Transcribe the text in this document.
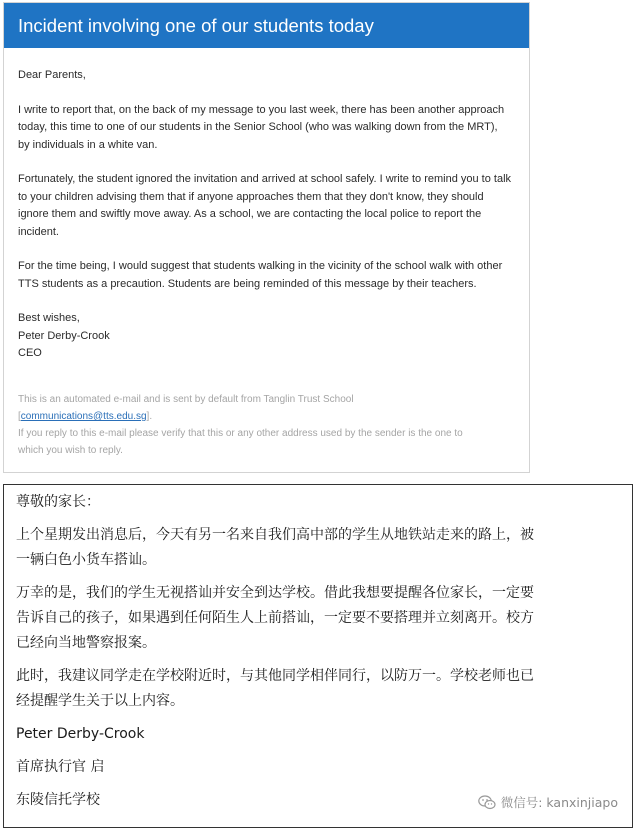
Incident involving one of our students today

Dear Parents,

I write to report that, on the back of my message to you last week, there has been another approach
today, this time to one of our students in the Senior School (who was walking down from the MRT),
by individuals in a white van.

Fortunately, the student ignored the invitation and arrived at school safely. I write to remind you to talk
to your children advising them that if anyone approaches them that they don't know, they should
ignore them and swiftly move away. As a school, we are contacting the local police to report the
incident.

For the time being, I would suggest that students walking in the vicinity of the school walk with other
TTS students as a precaution. Students are being reminded of this message by their teachers.

Best wishes,
Peter Derby-Crook
CEO

This is an automated e-mail and is sent by default from Tanglin Trust School
[communications@tts.edu.sg].
If you reply to this e-mail please verify that this or any other address used by the sender is the one to
which you wish to reply.

尊敬的家长：

上个星期发出消息后，今天有另一名来自我们高中部的学生从地铁站走来的路上，被
一辆白色小货车搭讪。

万幸的是，我们的学生无视搭讪并安全到达学校。借此我想要提醒各位家长，一定要
告诉自己的孩子，如果遇到任何陌生人上前搭讪，一定要不要搭理并立刻离开。校方
已经向当地警察报案。

此时，我建议同学走在学校附近时，与其他同学相伴同行，以防万一。学校老师也已
经提醒学生关于以上内容。

Peter Derby-Crook

首席执行官 启

东陵信托学校	微信号: kanxinjiapo
